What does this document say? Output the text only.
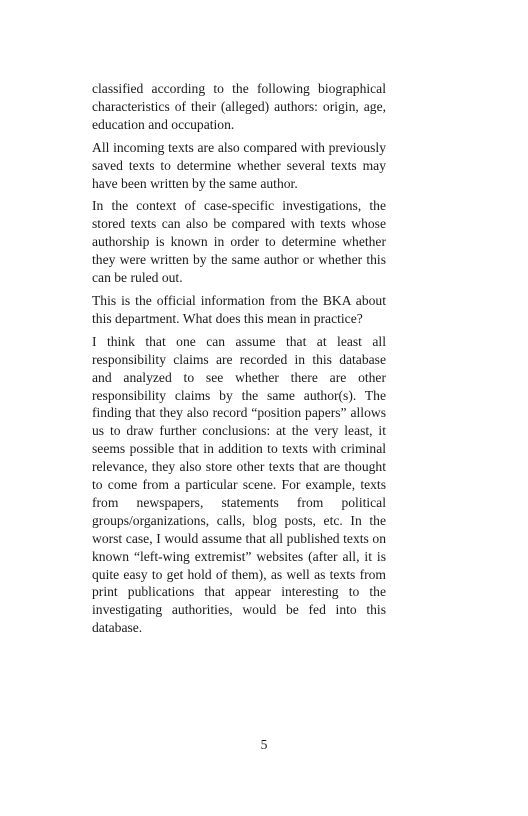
classified according to the following biographical characteristics of their (alleged) authors: origin, age, education and occupation.

All incoming texts are also compared with previously saved texts to determine whether several texts may have been written by the same author.

In the context of case-specific investigations, the stored texts can also be compared with texts whose authorship is known in order to determine whether they were written by the same author or whether this can be ruled out.

This is the official information from the BKA about this department. What does this mean in practice?

I think that one can assume that at least all responsibility claims are recorded in this database and analyzed to see whether there are other responsibility claims by the same author(s). The finding that they also record “position papers” allows us to draw further conclusions: at the very least, it seems possible that in addition to texts with criminal relevance, they also store other texts that are thought to come from a particular scene. For example, texts from newspapers, statements from political groups/organizations, calls, blog posts, etc. In the worst case, I would assume that all published texts on known “left-wing extremist” websites (after all, it is quite easy to get hold of them), as well as texts from print publications that appear interesting to the investigating authorities, would be fed into this database.

5
